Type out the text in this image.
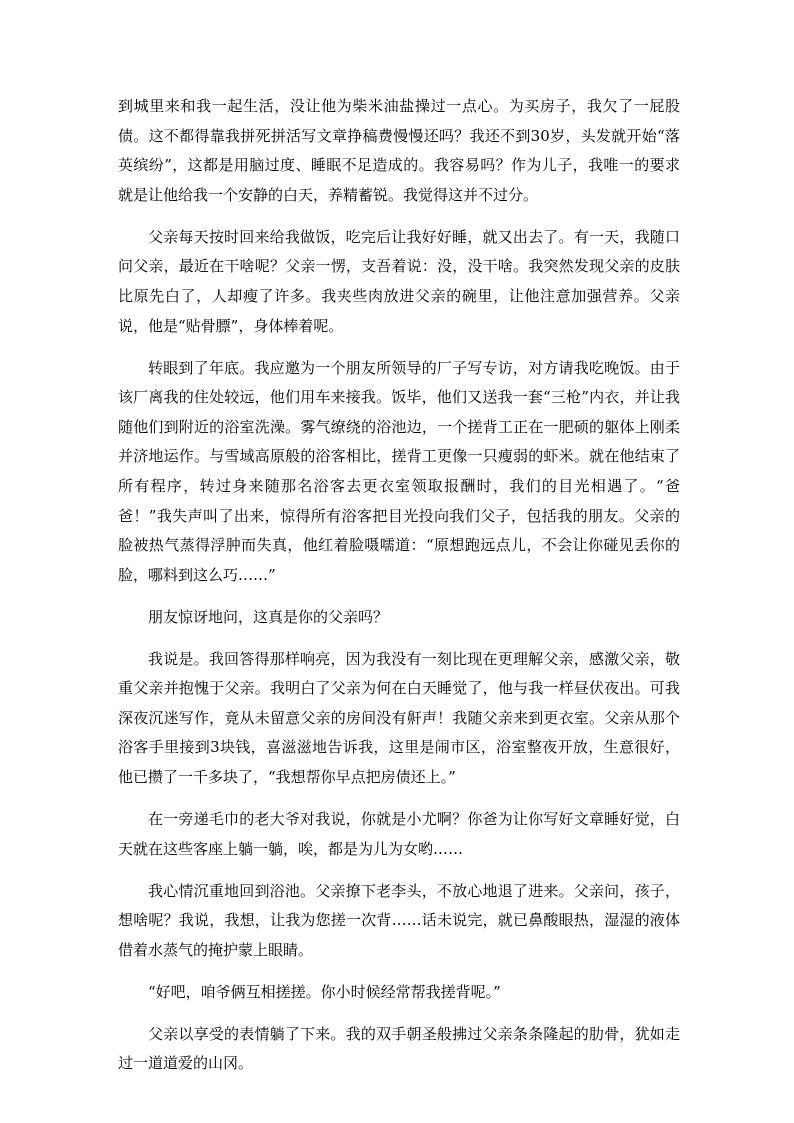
到城里来和我一起生活，没让他为柴米油盐操过一点心。为买房子，我欠了一屁股债。这不都得靠我拼死拼活写文章挣稿费慢慢还吗？我还不到30岁，头发就开始“落英缤纷”，这都是用脑过度、睡眠不足造成的。我容易吗？作为儿子，我唯一的要求就是让他给我一个安静的白天，养精蓄锐。我觉得这并不过分。

父亲每天按时回来给我做饭，吃完后让我好好睡，就又出去了。有一天，我随口问父亲，最近在干啥呢？父亲一愣，支吾着说：没，没干啥。我突然发现父亲的皮肤比原先白了，人却瘦了许多。我夹些肉放进父亲的碗里，让他注意加强营养。父亲说，他是“贴骨膘”，身体棒着呢。

转眼到了年底。我应邀为一个朋友所领导的厂子写专访，对方请我吃晚饭。由于该厂离我的住处较远，他们用车来接我。饭毕，他们又送我一套“三枪”内衣，并让我随他们到附近的浴室洗澡。雾气缭绕的浴池边，一个搓背工正在一肥硕的躯体上刚柔并济地运作。与雪域高原般的浴客相比，搓背工更像一只瘦弱的虾米。就在他结束了所有程序，转过身来随那名浴客去更衣室领取报酬时，我们的目光相遇了。“爸爸！”我失声叫了出来，惊得所有浴客把目光投向我们父子，包括我的朋友。父亲的脸被热气蒸得浮肿而失真，他红着脸嗫嚅道：“原想跑远点儿，不会让你碰见丢你的脸，哪料到这么巧……”

朋友惊讶地问，这真是你的父亲吗？

我说是。我回答得那样响亮，因为我没有一刻比现在更理解父亲，感激父亲，敬重父亲并抱愧于父亲。我明白了父亲为何在白天睡觉了，他与我一样昼伏夜出。可我深夜沉迷写作，竟从未留意父亲的房间没有鼾声！我随父亲来到更衣室。父亲从那个浴客手里接到3块钱，喜滋滋地告诉我，这里是闹市区，浴室整夜开放，生意很好，他已攒了一千多块了，“我想帮你早点把房债还上。”

在一旁递毛巾的老大爷对我说，你就是小尤啊？你爸为让你写好文章睡好觉，白天就在这些客座上躺一躺，唉，都是为儿为女哟……

我心情沉重地回到浴池。父亲撩下老李头，不放心地退了进来。父亲问，孩子，想啥呢？我说，我想，让我为您搓一次背……话未说完，就已鼻酸眼热，湿湿的液体借着水蒸气的掩护蒙上眼睛。

“好吧，咱爷俩互相搓搓。你小时候经常帮我搓背呢。”

父亲以享受的表情躺了下来。我的双手朝圣般拂过父亲条条隆起的肋骨，犹如走过一道道爱的山冈。
